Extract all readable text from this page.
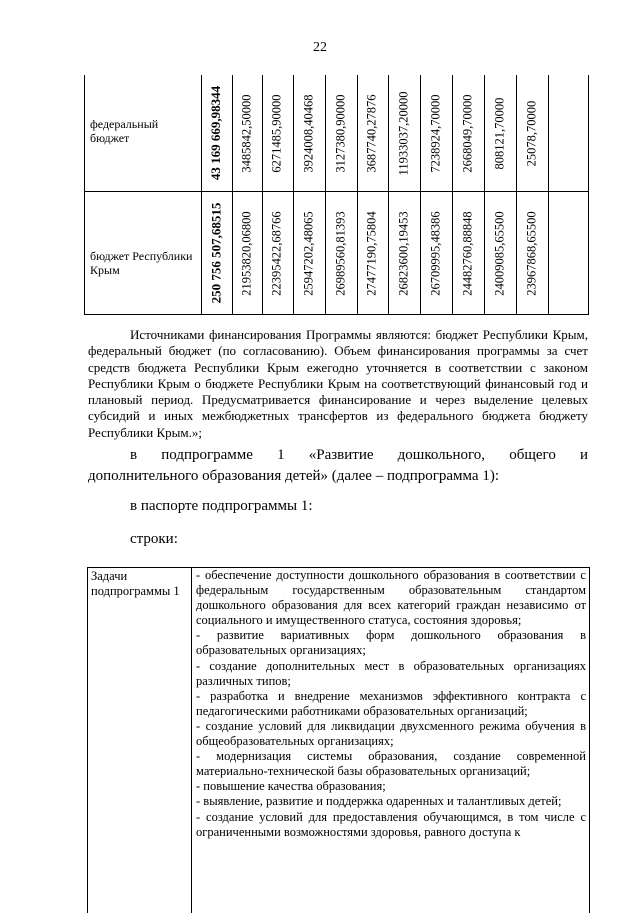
22
федеральный бюджет	43 169 669,98344 3485842,50000 6271485,90000 3924008,40468 3127380,90000 3687740,27876 11933037,20000 7238924,70000 2668049,70000 808121,70000 25078,70000
бюджет Республики Крым	250 756 507,68515 21953820,06800 22395422,68766 25947202,48065 26989560,81393 27477190,75804 26823600,19453 26709995,48386 24482760,88848 24009085,65500 23967868,65500

Источниками финансирования Программы являются: бюджет Республики Крым, федеральный бюджет (по согласованию). Объем финансирования программы за счет средств бюджета Республики Крым ежегодно уточняется в соответствии с законом Республики Крым о бюджете Республики Крым на соответствующий финансовый год и плановый период. Предусматривается финансирование и через выделение целевых субсидий и иных межбюджетных трансфертов из федерального бюджета бюджету Республики Крым.»;

в подпрограмме 1 «Развитие дошкольного, общего и
дополнительного образования детей» (далее – подпрограмма 1):
в паспорте подпрограммы 1:
строки:
Задачи подпрограммы 1

- обеспечение доступности дошкольного образования в соответствии с федеральным государственным образовательным стандартом дошкольного образования для всех категорий граждан независимо от социального и имущественного статуса, состояния здоровья;

- развитие вариативных форм дошкольного образования в образовательных организациях;

- создание дополнительных мест в образовательных организациях различных типов;

- разработка и внедрение механизмов эффективного контракта с педагогическими работниками образовательных организаций;

- создание условий для ликвидации двухсменного режима обучения в общеобразовательных организациях;

- модернизация системы образования, создание современной материально-технической базы образовательных организаций;

- повышение качества образования;

- выявление, развитие и поддержка одаренных и талантливых детей;

- создание условий для предоставления обучающимся, в том числе с ограниченными возможностями здоровья, равного доступа к
